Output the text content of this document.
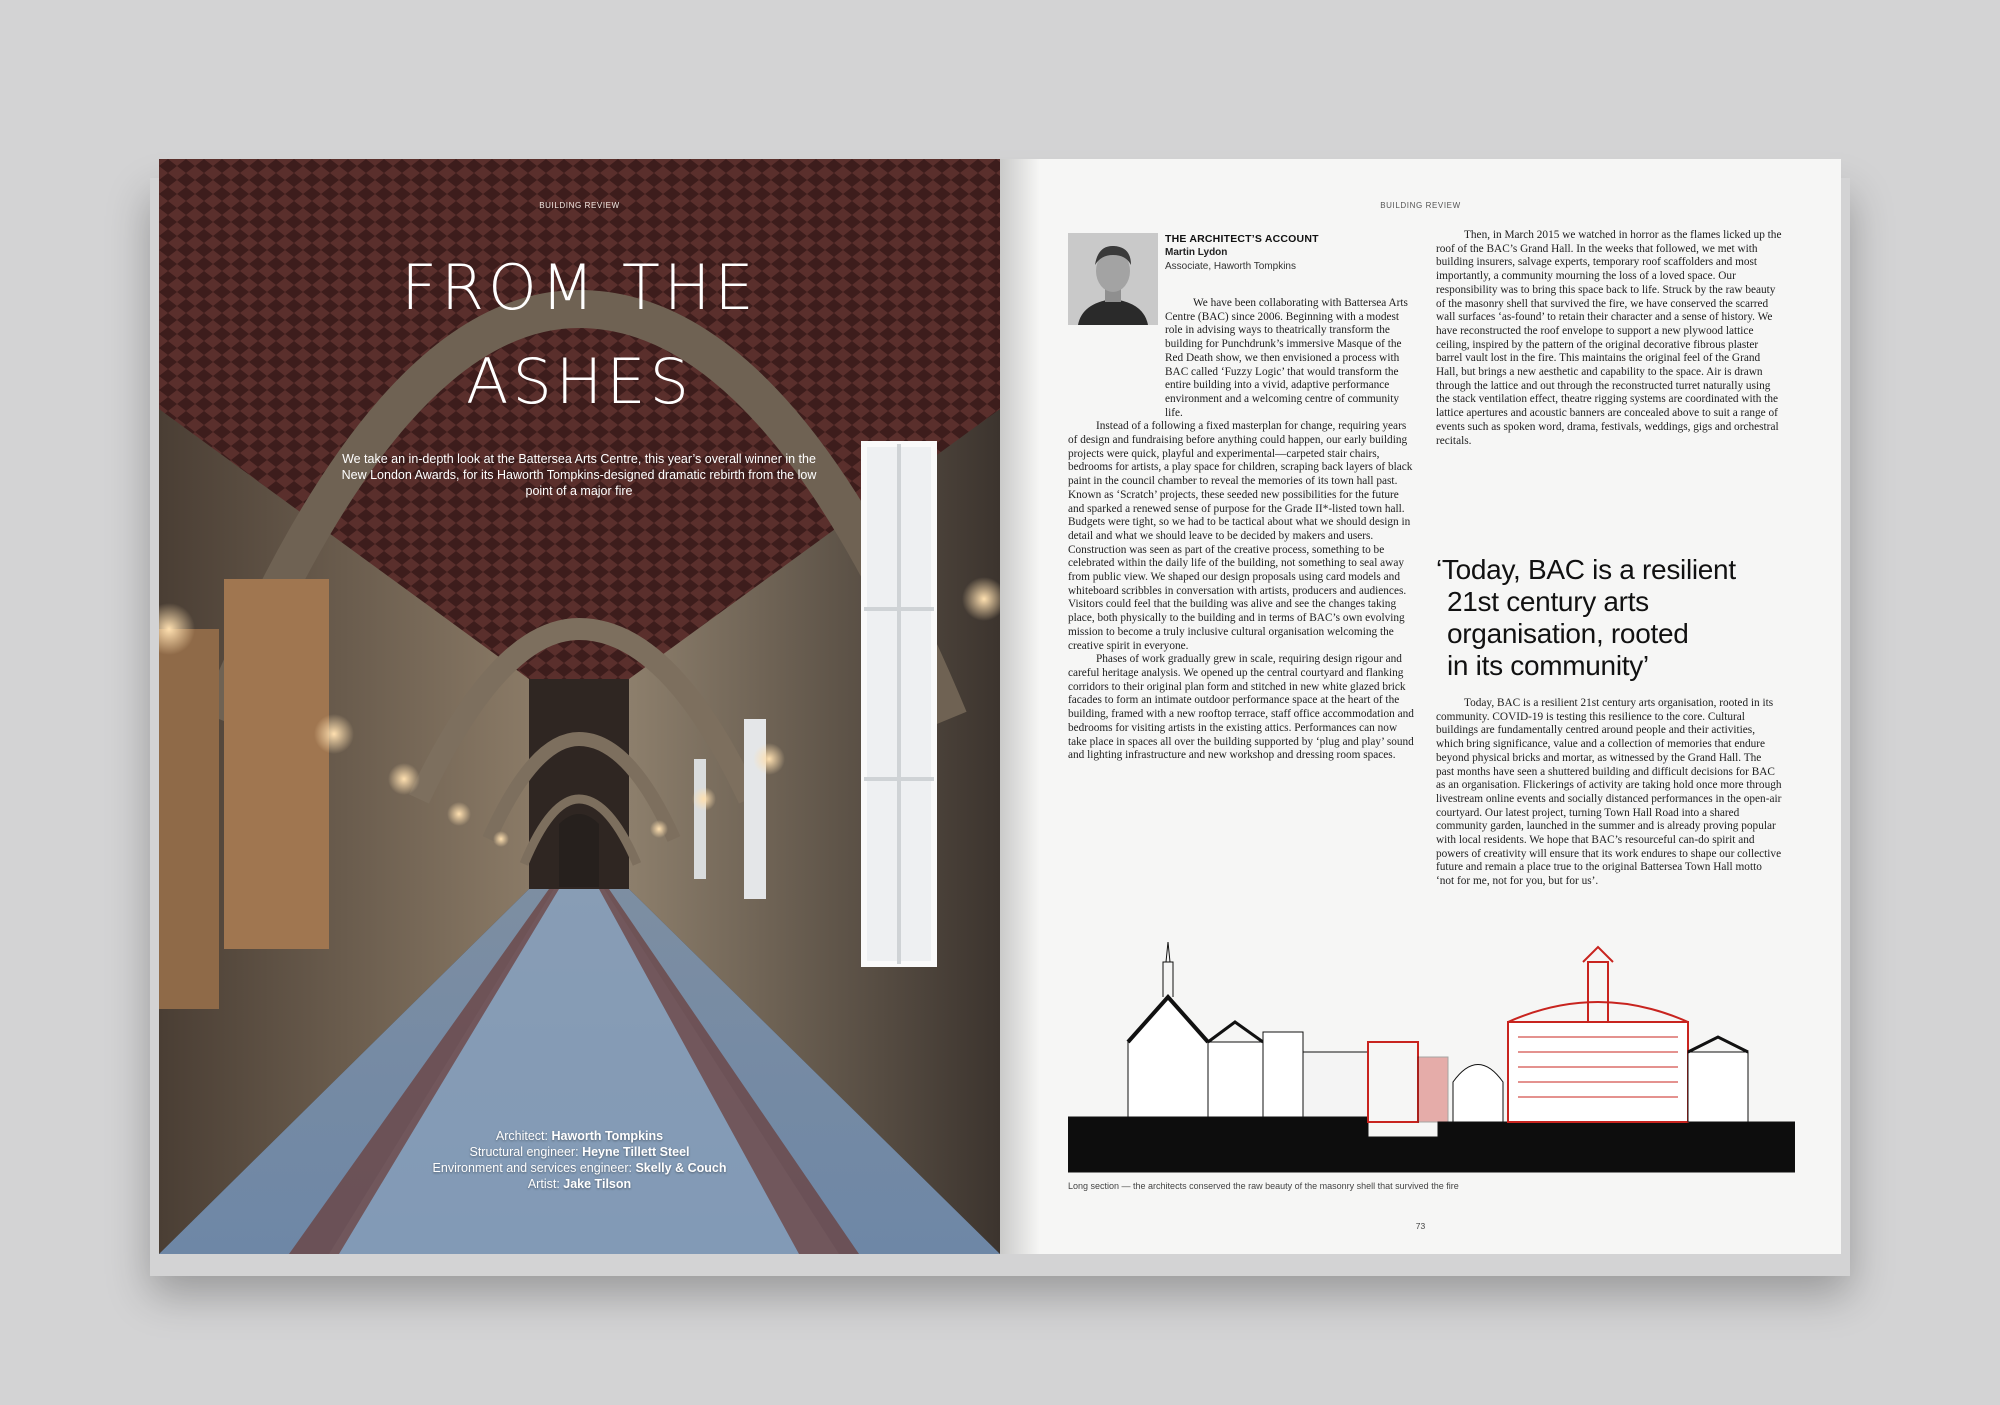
BUILDING REVIEW
FROM THE
ASHES
We take an in-depth look at the Battersea Arts Centre, this year’s overall winner in the New London Awards, for its Haworth Tompkins-designed dramatic rebirth from the low point of a major fire
Architect: Haworth Tompkins
Structural engineer: Heyne Tillett Steel
Environment and services engineer: Skelly & Couch
Artist: Jake Tilson
BUILDING REVIEW
THE ARCHITECT’S ACCOUNT
Martin Lydon
Associate, Haworth Tompkins

We have been collaborating with Battersea Arts Centre (BAC) since 2006. Beginning with a modest role in advising ways to theatrically transform the building for Punchdrunk’s immersive Masque of the Red Death show, we then envisioned a process with BAC called ‘Fuzzy Logic’ that would transform the entire building into a vivid, adaptive performance environment and a welcoming centre of community life.

Instead of a following a fixed masterplan for change, requiring years of design and fundraising before anything could happen, our early building projects were quick, playful and experimental—carpeted stair chairs, bedrooms for artists, a play space for children, scraping back layers of black paint in the council chamber to reveal the memories of its town hall past. Known as ‘Scratch’ projects, these seeded new possibilities for the future and sparked a renewed sense of purpose for the Grade II*-listed town hall. Budgets were tight, so we had to be tactical about what we should design in detail and what we should leave to be decided by makers and users. Construction was seen as part of the creative process, something to be celebrated within the daily life of the building, not something to seal away from public view. We shaped our design proposals using card models and whiteboard scribbles in conversation with artists, producers and audiences. Visitors could feel that the building was alive and see the changes taking place, both physically to the building and in terms of BAC’s own evolving mission to become a truly inclusive cultural organisation welcoming the creative spirit in everyone.

Phases of work gradually grew in scale, requiring design rigour and careful heritage analysis. We opened up the central courtyard and flanking corridors to their original plan form and stitched in new white glazed brick facades to form an intimate outdoor performance space at the heart of the building, framed with a new rooftop terrace, staff office accommodation and bedrooms for visiting artists in the existing attics. Performances can now take place in spaces all over the building supported by ‘plug and play’ sound and lighting infrastructure and new workshop and dressing room spaces.

Then, in March 2015 we watched in horror as the flames licked up the roof of the BAC’s Grand Hall. In the weeks that followed, we met with building insurers, salvage experts, temporary roof scaffolders and most importantly, a community mourning the loss of a loved space. Our responsibility was to bring this space back to life. Struck by the raw beauty of the masonry shell that survived the fire, we have conserved the scarred wall surfaces ‘as-found’ to retain their character and a sense of history. We have reconstructed the roof envelope to support a new plywood lattice ceiling, inspired by the pattern of the original decorative fibrous plaster barrel vault lost in the fire. This maintains the original feel of the Grand Hall, but brings a new aesthetic and capability to the space. Air is drawn through the lattice and out through the reconstructed turret naturally using the stack ventilation effect, theatre rigging systems are coordinated with the lattice apertures and acoustic banners are concealed above to suit a range of events such as spoken word, drama, festivals, weddings, gigs and orchestral recitals.

‘Today, BAC is a resilient
21st century arts
organisation, rooted
in its community’

Today, BAC is a resilient 21st century arts organisation, rooted in its community. COVID-19 is testing this resilience to the core. Cultural buildings are fundamentally centred around people and their activities, which bring significance, value and a collection of memories that endure beyond physical bricks and mortar, as witnessed by the Grand Hall. The past months have seen a shuttered building and difficult decisions for BAC as an organisation. Flickerings of activity are taking hold once more through livestream online events and socially distanced performances in the open-air courtyard. Our latest project, turning Town Hall Road into a shared community garden, launched in the summer and is already proving popular with local residents. We hope that BAC’s resourceful can-do spirit and powers of creativity will ensure that its work endures to shape our collective future and remain a place true to the original Battersea Town Hall motto ‘not for me, not for you, but for us’.

Long section — the architects conserved the raw beauty of the masonry shell that survived the fire
73
